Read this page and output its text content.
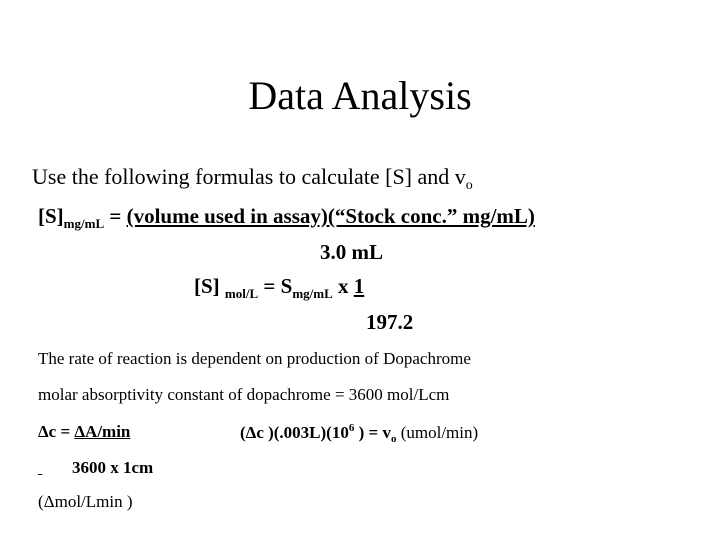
Data Analysis
Use the following formulas to calculate [S] and $v_o$
$[S]_{mg/mL}$ = (volume used in assay)(“Stock conc.” mg/mL)
3.0 mL
[S] $_{mol/L} = S_{mg/mL}$ x 1
197.2
The rate of reaction is dependent on production of Dopachrome
molar absorptivity constant of dopachrome = 3600 mol/Lcm
Δc = ΔA/min	(Δc )$(.003L)(10^6$ ) = $v_o$ (umol/min)
3600 x 1cm
(Δmol/Lmin )
